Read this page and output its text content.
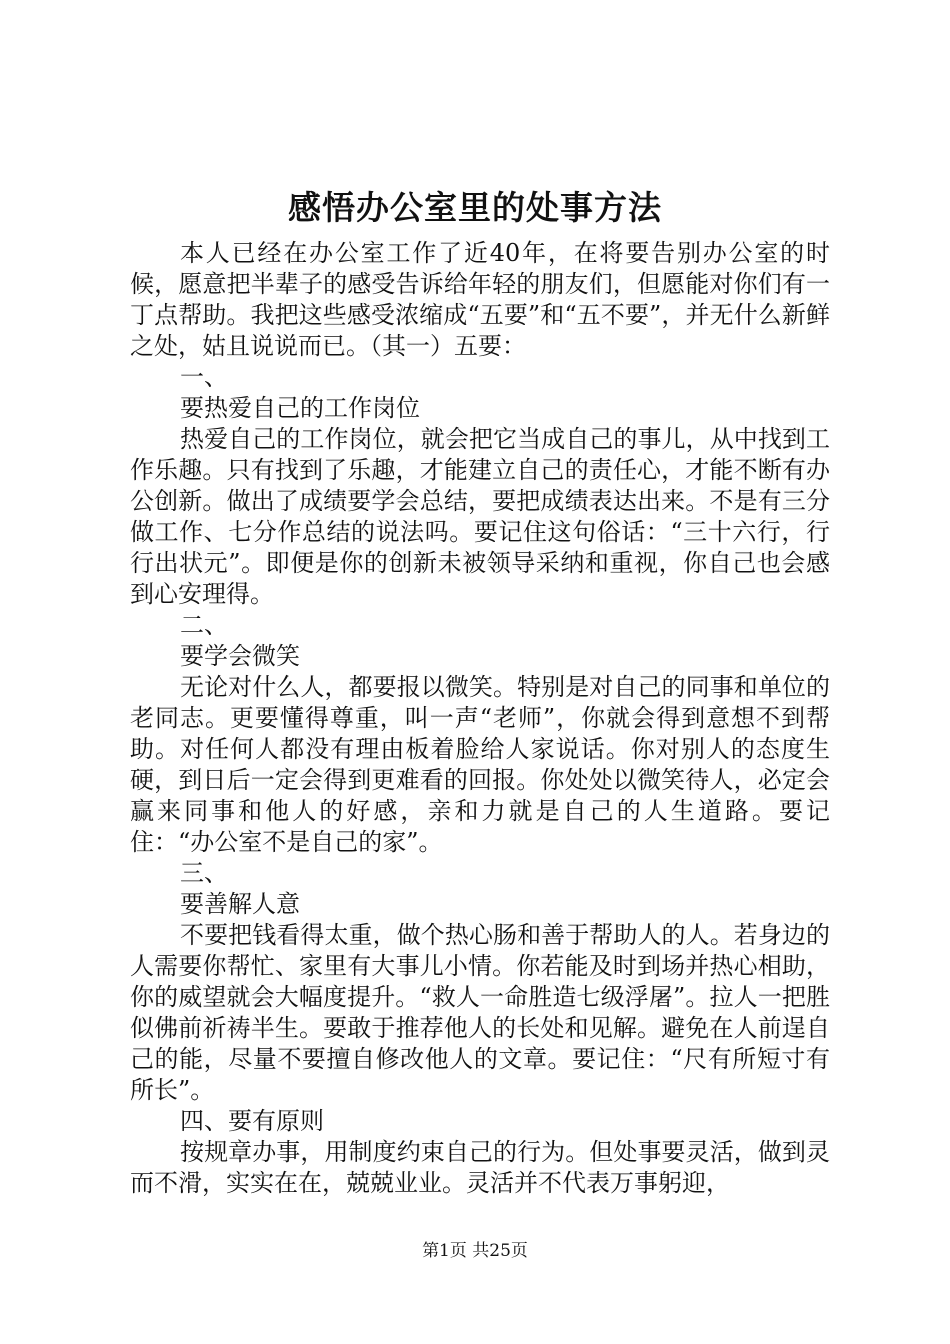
感悟办公室里的处事方法

本人已经在办公室工作了近40年，在将要告别办公室的时候，愿意把半辈子的感受告诉给年轻的朋友们，但愿能对你们有一丁点帮助。我把这些感受浓缩成“五要”和“五不要”，并无什么新鲜之处，姑且说说而已。（其一）五要：

一、

要热爱自己的工作岗位

热爱自己的工作岗位，就会把它当成自己的事儿，从中找到工作乐趣。只有找到了乐趣，才能建立自己的责任心，才能不断有办公创新。做出了成绩要学会总结，要把成绩表达出来。不是有三分做工作、七分作总结的说法吗。要记住这句俗话：“三十六行，行行出状元”。即便是你的创新未被领导采纳和重视，你自己也会感到心安理得。

二、

要学会微笑

无论对什么人，都要报以微笑。特别是对自己的同事和单位的老同志。更要懂得尊重，叫一声“老师”，你就会得到意想不到帮助。对任何人都没有理由板着脸给人家说话。你对别人的态度生硬，到日后一定会得到更难看的回报。你处处以微笑待人，必定会赢来同事和他人的好感，亲和力就是自己的人生道路。要记住：“办公室不是自己的家”。

三、

要善解人意

不要把钱看得太重，做个热心肠和善于帮助人的人。若身边的人需要你帮忙、家里有大事儿小情。你若能及时到场并热心相助，你的威望就会大幅度提升。“救人一命胜造七级浮屠”。拉人一把胜似佛前祈祷半生。要敢于推荐他人的长处和见解。避免在人前逞自己的能，尽量不要擅自修改他人的文章。要记住：“尺有所短寸有所长”。

四、要有原则

按规章办事，用制度约束自己的行为。但处事要灵活，做到灵而不滑，实实在在，兢兢业业。灵活并不代表万事躬迎，

第1页 共25页
